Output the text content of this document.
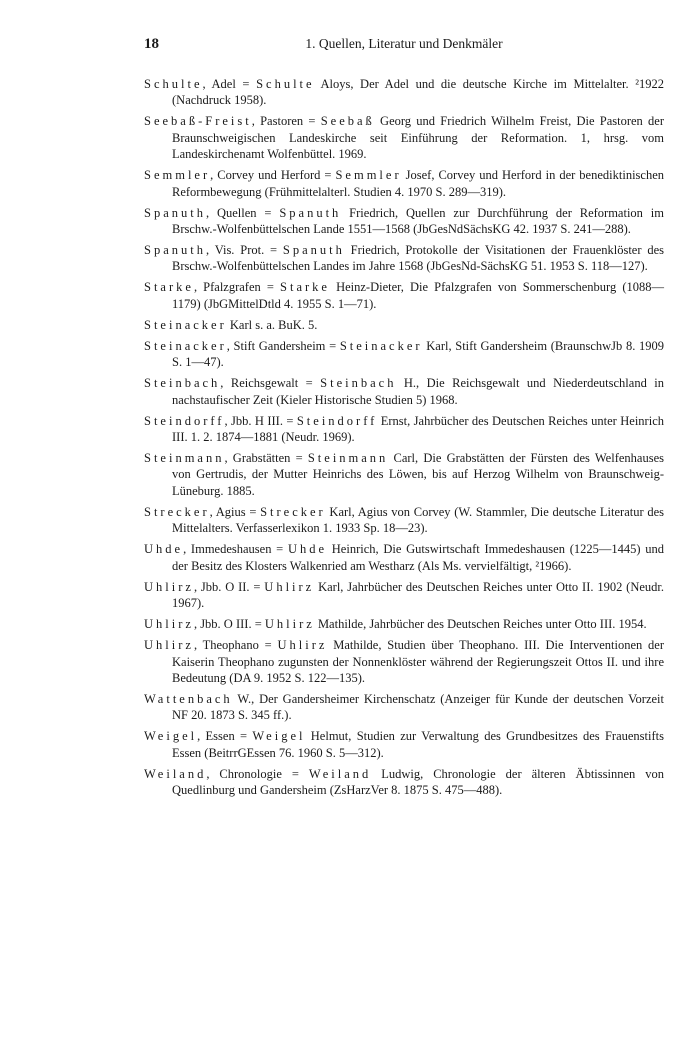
18	1. Quellen, Literatur und Denkmäler

Schulte, Adel = Schulte Aloys, Der Adel und die deutsche Kirche im Mittelalter. ²1922 (Nachdruck 1958).

Seebaß-Freist, Pastoren = Seebaß Georg und Friedrich Wilhelm Freist, Die Pastoren der Braunschweigischen Landeskirche seit Einführung der Reformation. 1, hrsg. vom Landeskirchenamt Wolfenbüttel. 1969.

Semmler, Corvey und Herford = Semmler Josef, Corvey und Herford in der benediktinischen Reformbewegung (Frühmittelalterl. Studien 4. 1970 S. 289—319).

Spanuth, Quellen = Spanuth Friedrich, Quellen zur Durchführung der Reformation im Brschw.-Wolfenbüttelschen Lande 1551—1568 (JbGesNdSächsKG 42. 1937 S. 241—288).

Spanuth, Vis. Prot. = Spanuth Friedrich, Protokolle der Visitationen der Frauenklöster des Brschw.-Wolfenbüttelschen Landes im Jahre 1568 (JbGesNd-SächsKG 51. 1953 S. 118—127).

Starke, Pfalzgrafen = Starke Heinz-Dieter, Die Pfalzgrafen von Sommerschenburg (1088—1179) (JbGMittelDtld 4. 1955 S. 1—71).

Steinacker Karl s. a. BuK. 5.

Steinacker, Stift Gandersheim = Steinacker Karl, Stift Gandersheim (BraunschwJb 8. 1909 S. 1—47).

Steinbach, Reichsgewalt = Steinbach H., Die Reichsgewalt und Niederdeutschland in nachstaufischer Zeit (Kieler Historische Studien 5) 1968.

Steindorff, Jbb. H III. = Steindorff Ernst, Jahrbücher des Deutschen Reiches unter Heinrich III. 1. 2. 1874—1881 (Neudr. 1969).

Steinmann, Grabstätten = Steinmann Carl, Die Grabstätten der Fürsten des Welfenhauses von Gertrudis, der Mutter Heinrichs des Löwen, bis auf Herzog Wilhelm von Braunschweig-Lüneburg. 1885.

Strecker, Agius = Strecker Karl, Agius von Corvey (W. Stammler, Die deutsche Literatur des Mittelalters. Verfasserlexikon 1. 1933 Sp. 18—23).

Uhde, Immedeshausen = Uhde Heinrich, Die Gutswirtschaft Immedeshausen (1225—1445) und der Besitz des Klosters Walkenried am Westharz (Als Ms. vervielfältigt, ²1966).

Uhlirz, Jbb. O II. = Uhlirz Karl, Jahrbücher des Deutschen Reiches unter Otto II. 1902 (Neudr. 1967).

Uhlirz, Jbb. O III. = Uhlirz Mathilde, Jahrbücher des Deutschen Reiches unter Otto III. 1954.

Uhlirz, Theophano = Uhlirz Mathilde, Studien über Theophano. III. Die Interventionen der Kaiserin Theophano zugunsten der Nonnenklöster während der Regierungszeit Ottos II. und ihre Bedeutung (DA 9. 1952 S. 122—135).

Wattenbach W., Der Gandersheimer Kirchenschatz (Anzeiger für Kunde der deutschen Vorzeit NF 20. 1873 S. 345 ff.).

Weigel, Essen = Weigel Helmut, Studien zur Verwaltung des Grundbesitzes des Frauenstifts Essen (BeitrrGEssen 76. 1960 S. 5—312).

Weiland, Chronologie = Weiland Ludwig, Chronologie der älteren Äbtissinnen von Quedlinburg und Gandersheim (ZsHarzVer 8. 1875 S. 475—488).
